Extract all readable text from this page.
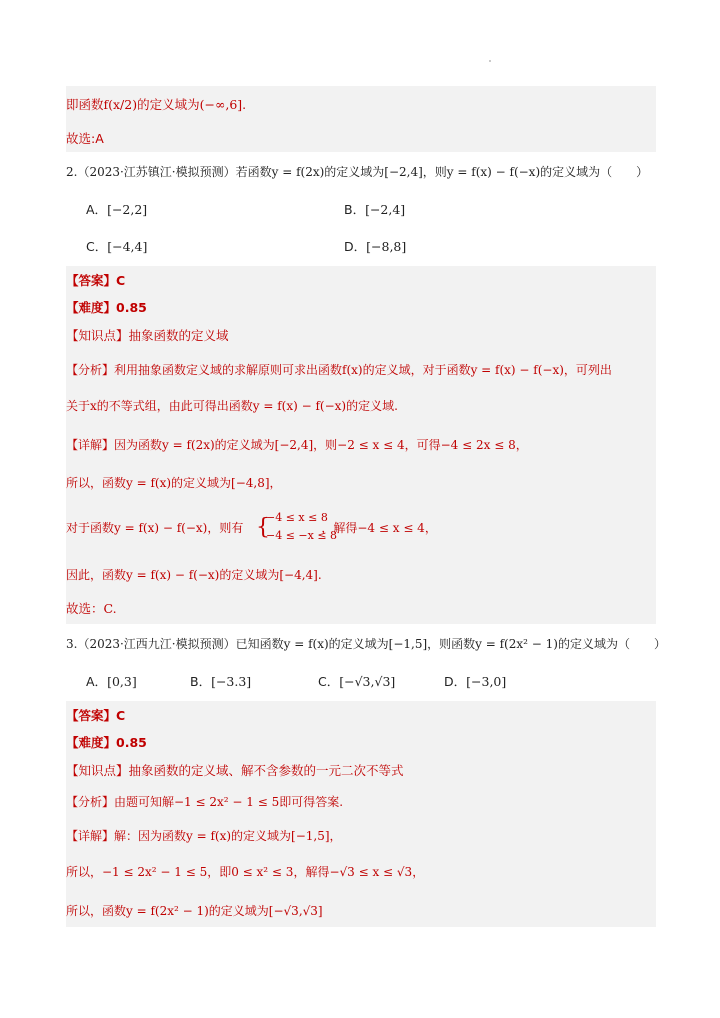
即函数f(x/2)的定义域为(−∞,6].
故选:A
2.（2023·江苏镇江·模拟预测）若函数y = f(2x)的定义域为[−2,4]，则y = f(x) − f(−x)的定义域为（　　）
A．[−2,2]	B．[−2,4]
C．[−4,4]	D．[−8,8]
【答案】C
【难度】0.85
【知识点】抽象函数的定义域
【分析】利用抽象函数定义域的求解原则可求出函数f(x)的定义域，对于函数y = f(x) − f(−x)，可列出
关于x的不等式组，由此可得出函数y = f(x) − f(−x)的定义域.
【详解】因为函数y = f(2x)的定义域为[−2,4]，则−2 ≤ x ≤ 4，可得−4 ≤ 2x ≤ 8，
所以，函数y = f(x)的定义域为[−4,8]，
对于函数y = f(x) − f(−x)，则有	，解得−4 ≤ x ≤ 4，
{
−4 ≤ x ≤ 8
−4 ≤ −x ≤ 8
因此，函数y = f(x) − f(−x)的定义域为[−4,4].
故选：C.
3.（2023·江西九江·模拟预测）已知函数y = f(x)的定义域为[−1,5]，则函数y = f(2x² − 1)的定义域为（　　）
A．[0,3]	B．[−3.3]	C．[−√3,√3]	D．[−3,0]
【答案】C
【难度】0.85
【知识点】抽象函数的定义域、解不含参数的一元二次不等式
【分析】由题可知解−1 ≤ 2x² − 1 ≤ 5即可得答案.
【详解】解：因为函数y = f(x)的定义域为[−1,5]，
所以，−1 ≤ 2x² − 1 ≤ 5，即0 ≤ x² ≤ 3，解得−√3 ≤ x ≤ √3，
所以，函数y = f(2x² − 1)的定义域为[−√3,√3]
